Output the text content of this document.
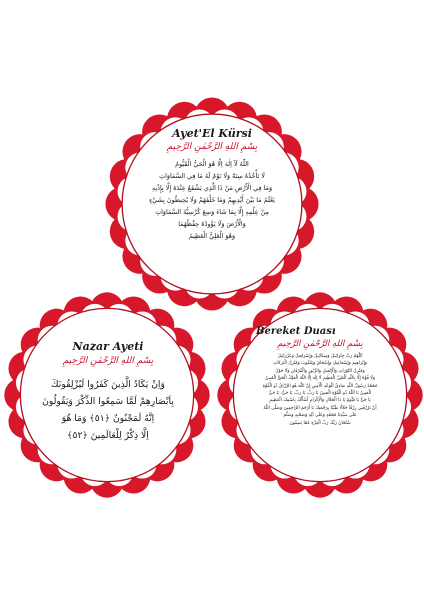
Ayet'El Kürsi
بِسْمِ اللهِ الرَّحْمٰنِ الرَّحِيمِ

اللّٰهُ لَآ اِلٰهَ اِلَّا هُوَ الْحَيُّ الْقَيُّومُ

لَا تَأْخُذُهُ سِنَةٌ وَلَا نَوْمٌ لَهُ مَا فِي السَّمَاوَاتِ

وَمَا فِي الْأَرْضِ مَنْ ذَا الَّذِي يَشْفَعُ عِنْدَهُ إِلَّا بِإِذْنِهِ

يَعْلَمُ مَا بَيْنَ أَيْدِيهِمْ وَمَا خَلْفَهُمْ وَلَا يُحِيطُونَ بِشَيْءٍ

مِنْ عِلْمِهِ إِلَّا بِمَا شَاءَ وَسِعَ كُرْسِيُّهُ السَّمَاوَاتِ

وَالْأَرْضَ وَلَا يَؤُودُهُ حِفْظُهُمَا

وَهُوَ الْعَلِيُّ الْعَظِيمُ

Nazar Ayeti
بِسْمِ اللهِ الرَّحْمٰنِ الرَّحِيمِ

وَاِنْ يَكَادُ الَّذِينَ كَفَرُوا لَيُزْلِقُونَكَ

بِاَبْصَارِهِمْ لَمَّا سَمِعُوا الذِّكْرَ وَيَقُولُونَ

اِنَّهُ لَمَجْنُونٌ ﴿٥١﴾ وَمَا هُوَ

اِلَّا ذِكْرٌ لِلْعَالَمِينَ ﴿٥٢﴾

Bereket Duası
بِسْمِ اللهِ الرَّحْمٰنِ الرَّحِيمِ

اَللّٰهُمَّ رَبَّ جِبْرَائِيلَ وَمِيكَائِيلَ وَإِسْرَافِيلَ وَعَزْرَائِيلَ

وَإِبْرَاهِيمَ وَإِسْمَاعِيلَ وَإِسْحَاقَ وَيَعْقُوبَ وَمُنْزِلَ الْبَرَكَاتِ

وَمُنْزِلَ التَّوْرَاتِ وَالْإِنْجِيلِ وَالزَّبُورِ وَالْفُرْقَانِ وَلَا حَوْلَ

وَلَا قُوَّةَ إِلَّا بِاللّٰهِ الْعَلِيِّ الْعَظِيمِ لَا إِلٰهَ إِلَّا اللّٰهُ الْمَلِكُ الْحَقُّ الْمُبِينُ

مُحَمَّدٌ رَسُولُ اللّٰهِ صَادِقُ الْوَعْدِ الْأَمِينِ إِنَّ اللّٰهَ هُوَ الرَّزَّاقُ ذُو الْقُوَّةِ

الْمَتِينُ يَا اَللّٰهُ ذُو الْقُوَّةِ الْمَتِينُ يَا رَبِّ، يَا رَبِّ، يَا حَيُّ، يَا حَيُّ

يَا حَيُّ يَا قَيُّومُ يَا ذَا الْجَلَالِ وَالْإِكْرَامِ أَسْأَلُكَ بِاسْمِكَ الْعَظِيمِ

أَنْ تَرْزُقَنِي رِزْقًا حَلَالًا طَيِّبًا بِرَحْمَتِكَ يَا أَرْحَمَ الرَّاحِمِينَ وَصَلَّى اللّٰهُ

عَلَى سَيِّدِنَا مُحَمَّدٍ وَعَلَى آلِهِ وَصَحْبِهِ وَسَلَّمَ

سُبْحَانَ رَبِّكَ رَبِّ الْعِزَّةِ عَمَّا يَصِفُونَ
